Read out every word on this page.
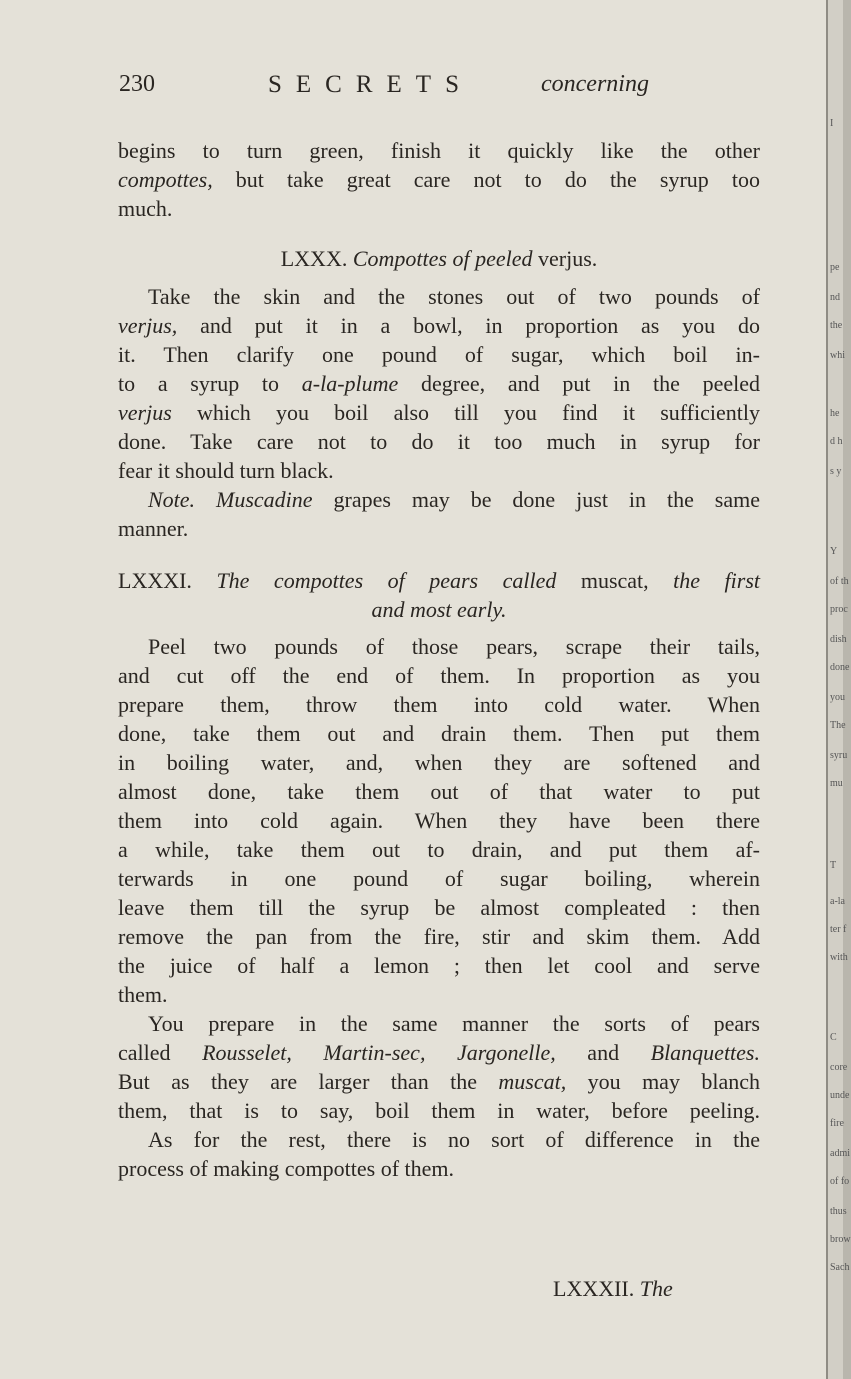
230	SECRETS	concerning
begins to turn green, finish it quickly like the other
compottes, but take great care not to do the syrup too
much.
LXXX. Compottes of peeled verjus.
Take the skin and the stones out of two pounds of
verjus, and put it in a bowl, in proportion as you do
it. Then clarify one pound of sugar, which boil in-
to a syrup to a-la-plume degree, and put in the peeled
verjus which you boil also till you find it sufficiently
done. Take care not to do it too much in syrup for
fear it should turn black.
Note. Muscadine grapes may be done just in the same
manner.
LXXXI. The compottes of pears called muscat, the first
and most early.
Peel two pounds of those pears, scrape their tails,
and cut off the end of them. In proportion as you
prepare them, throw them into cold water. When
done, take them out and drain them. Then put them
in boiling water, and, when they are softened and
almost done, take them out of that water to put
them into cold again. When they have been there
a while, take them out to drain, and put them af-
terwards in one pound of sugar boiling, wherein
leave them till the syrup be almost compleated : then
remove the pan from the fire, stir and skim them. Add
the juice of half a lemon ; then let cool and serve
them.
You prepare in the same manner the sorts of pears
called Rousselet, Martin-sec, Jargonelle, and Blanquettes.
But as they are larger than the muscat, you may blanch
them, that is to say, boil them in water, before peeling.
As for the rest, there is no sort of difference in the
process of making compottes of them.
LXXXII. The
I
pe
nd
the
whi
he
d h
s y
Y
of th
proc
dish
done
you
The
syru
mu
T
a-la
ter f
with
C
core
unde
fire
admi
of fo
thus
brow
Sach
